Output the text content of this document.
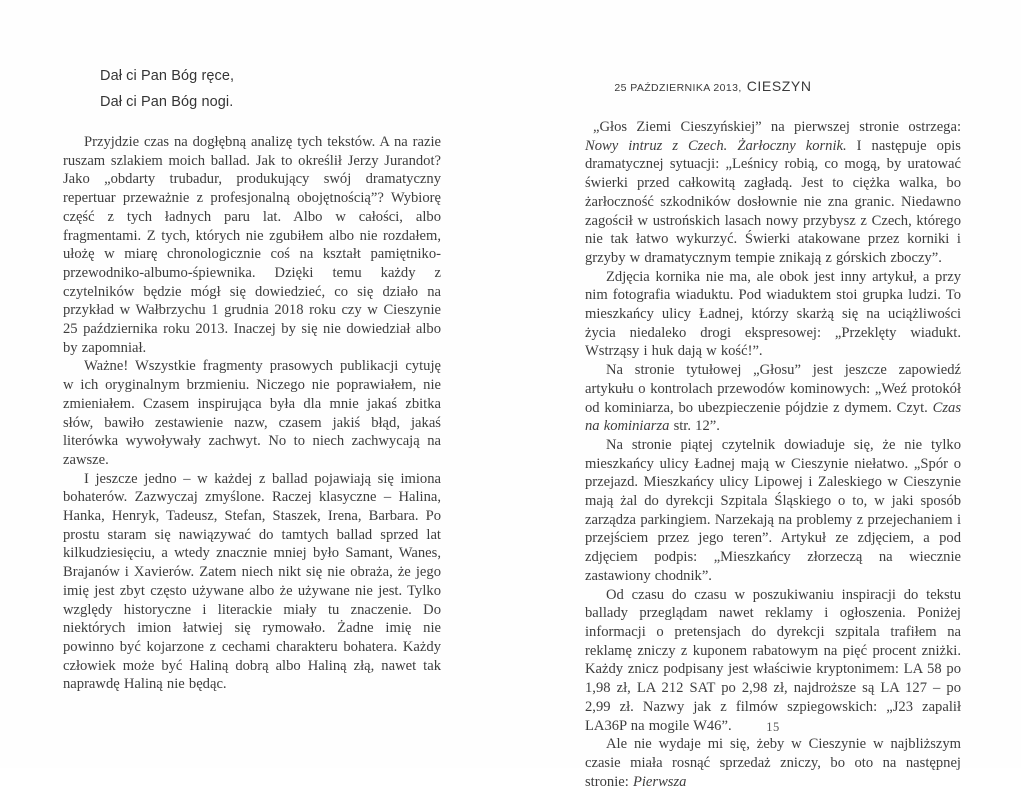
Dał ci Pan Bóg ręce,
Dał ci Pan Bóg nogi.

Przyjdzie czas na dogłębną analizę tych tekstów. A na razie ruszam szlakiem moich ballad. Jak to określił Jerzy Jurandot? Jako „obdarty trubadur, produkujący swój dramatyczny repertuar przeważnie z profesjonalną obojętnością”? Wybiorę część z tych ładnych paru lat. Albo w całości, albo fragmentami. Z tych, których nie zgubiłem albo nie rozdałem, ułożę w miarę chronologicznie coś na kształt pamiętniko-przewodniko-albumo-śpiewnika. Dzięki temu każdy z czytelników będzie mógł się dowiedzieć, co się działo na przykład w Wałbrzychu 1 grudnia 2018 roku czy w Cieszynie 25 października roku 2013. Inaczej by się nie dowiedział albo by zapomniał.

Ważne! Wszystkie fragmenty prasowych publikacji cytuję w ich oryginalnym brzmieniu. Niczego nie poprawiałem, nie zmieniałem. Czasem inspirująca była dla mnie jakaś zbitka słów, bawiło zestawienie nazw, czasem jakiś błąd, jakaś literówka wywoływały zachwyt. No to niech zachwycają na zawsze.

I jeszcze jedno – w każdej z ballad pojawiają się imiona bohaterów. Zazwyczaj zmyślone. Raczej klasyczne – Halina, Hanka, Henryk, Tadeusz, Stefan, Staszek, Irena, Barbara. Po prostu staram się nawiązywać do tamtych ballad sprzed lat kilkudziesięciu, a wtedy znacznie mniej było Samant, Wanes, Brajanów i Xavierów. Zatem niech nikt się nie obraża, że jego imię jest zbyt często używane albo że używane nie jest. Tylko względy historyczne i literackie miały tu znaczenie. Do niektórych imion łatwiej się rymowało. Żadne imię nie powinno być kojarzone z cechami charakteru bohatera. Każdy człowiek może być Haliną dobrą albo Haliną złą, nawet tak naprawdę Haliną nie będąc.

25 PAŹDZIERNIKA 2013, CIESZYN

„Głos Ziemi Cieszyńskiej” na pierwszej stronie ostrzega: Nowy intruz z Czech. Żarłoczny kornik. I następuje opis dramatycznej sytuacji: „Leśnicy robią, co mogą, by uratować świerki przed całkowitą zagładą. Jest to ciężka walka, bo żarłoczność szkodników dosłownie nie zna granic. Niedawno zagościł w ustrońskich lasach nowy przybysz z Czech, którego nie tak łatwo wykurzyć. Świerki atakowane przez korniki i grzyby w dramatycznym tempie znikają z górskich zboczy”.

Zdjęcia kornika nie ma, ale obok jest inny artykuł, a przy nim fotografia wiaduktu. Pod wiaduktem stoi grupka ludzi. To mieszkańcy ulicy Ładnej, którzy skarżą się na uciążliwości życia niedaleko drogi ekspresowej: „Przeklęty wiadukt. Wstrząsy i huk dają w kość!”.

Na stronie tytułowej „Głosu” jest jeszcze zapowiedź artykułu o kontrolach przewodów kominowych: „Weź protokół od kominiarza, bo ubezpieczenie pójdzie z dymem. Czyt. Czas na kominiarza str. 12”.

Na stronie piątej czytelnik dowiaduje się, że nie tylko mieszkańcy ulicy Ładnej mają w Cieszynie niełatwo. „Spór o przejazd. Mieszkańcy ulicy Lipowej i Zaleskiego w Cieszynie mają żal do dyrekcji Szpitala Śląskiego o to, w jaki sposób zarządza parkingiem. Narzekają na problemy z przejechaniem i przejściem przez jego teren”. Artykuł ze zdjęciem, a pod zdjęciem podpis: „Mieszkańcy złorzeczą na wiecznie zastawiony chodnik”.

Od czasu do czasu w poszukiwaniu inspiracji do tekstu ballady przeglądam nawet reklamy i ogłoszenia. Poniżej informacji o pretensjach do dyrekcji szpitala trafiłem na reklamę zniczy z kuponem rabatowym na pięć procent zniżki. Każdy znicz podpisany jest właściwie kryptonimem: LA 58 po 1,98 zł, LA 212 SAT po 2,98 zł, najdroższe są LA 127 – po 2,99 zł. Nazwy jak z filmów szpiegowskich: „J23 zapalił LA36P na mogile W46”.

Ale nie wydaje mi się, żeby w Cieszynie w najbliższym czasie miała rosnąć sprzedaż zniczy, bo oto na następnej stronie: Pierwsza

15
